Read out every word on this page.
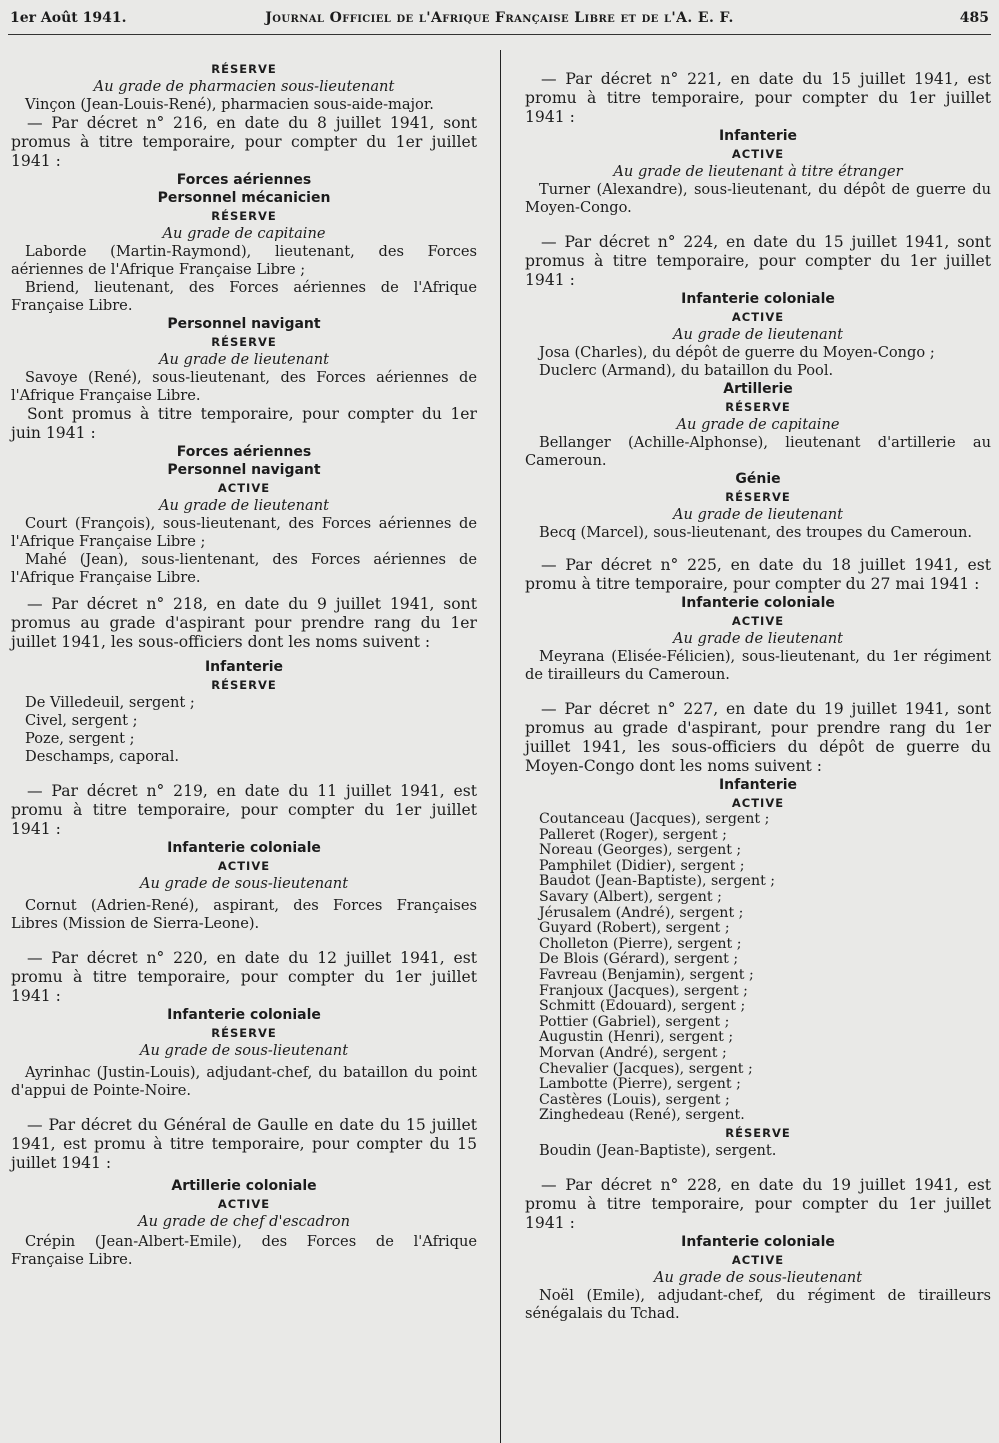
1er Août 1941.	Journal Officiel de l'Afrique Française Libre et de l'A. E. F.	485
RÉSERVE
Au grade de pharmacien sous-lieutenant
Vinçon (Jean-Louis-René), pharmacien sous-aide-major.
— Par décret n° 216, en date du 8 juillet 1941, sont promus à titre temporaire, pour compter du 1er juillet 1941 :
Forces aériennes
Personnel mécanicien
RÉSERVE
Au grade de capitaine
Laborde (Martin-Raymond), lieutenant, des Forces aériennes de l'Afrique Française Libre ;
Briend, lieutenant, des Forces aériennes de l'Afrique Française Libre.
Personnel navigant
RÉSERVE
Au grade de lieutenant
Savoye (René), sous-lieutenant, des Forces aériennes de l'Afrique Française Libre.
Sont promus à titre temporaire, pour compter du 1er juin 1941 :
Forces aériennes
Personnel navigant
ACTIVE
Au grade de lieutenant
Court (François), sous-lieutenant, des Forces aériennes de l'Afrique Française Libre ;
Mahé (Jean), sous-lientenant, des Forces aériennes de l'Afrique Française Libre.
— Par décret n° 218, en date du 9 juillet 1941, sont promus au grade d'aspirant pour prendre rang du 1er juillet 1941, les sous-officiers dont les noms suivent :
Infanterie
RÉSERVE
De Villedeuil, sergent ;
Civel, sergent ;
Poze, sergent ;
Deschamps, caporal.
— Par décret n° 219, en date du 11 juillet 1941, est promu à titre temporaire, pour compter du 1er juillet 1941 :
Infanterie coloniale
ACTIVE
Au grade de sous-lieutenant
Cornut (Adrien-René), aspirant, des Forces Françaises Libres (Mission de Sierra-Leone).
— Par décret n° 220, en date du 12 juillet 1941, est promu à titre temporaire, pour compter du 1er juillet 1941 :
Infanterie coloniale
RÉSERVE
Au grade de sous-lieutenant
Ayrinhac (Justin-Louis), adjudant-chef, du bataillon du point d'appui de Pointe-Noire.
— Par décret du Général de Gaulle en date du 15 juillet 1941, est promu à titre temporaire, pour compter du 15 juillet 1941 :
Artillerie coloniale
ACTIVE
Au grade de chef d'escadron
Crépin (Jean-Albert-Emile), des Forces de l'Afrique Française Libre.
— Par décret n° 221, en date du 15 juillet 1941, est promu à titre temporaire, pour compter du 1er juillet 1941 :
Infanterie
ACTIVE
Au grade de lieutenant à titre étranger
Turner (Alexandre), sous-lieutenant, du dépôt de guerre du Moyen-Congo.
— Par décret n° 224, en date du 15 juillet 1941, sont promus à titre temporaire, pour compter du 1er juillet 1941 :
Infanterie coloniale
ACTIVE
Au grade de lieutenant
Josa (Charles), du dépôt de guerre du Moyen-Congo ;
Duclerc (Armand), du bataillon du Pool.
Artillerie
RÉSERVE
Au grade de capitaine
Bellanger (Achille-Alphonse), lieutenant d'artillerie au Cameroun.
Génie
RÉSERVE
Au grade de lieutenant
Becq (Marcel), sous-lieutenant, des troupes du Cameroun.
— Par décret n° 225, en date du 18 juillet 1941, est promu à titre temporaire, pour compter du 27 mai 1941 :
Infanterie coloniale
ACTIVE
Au grade de lieutenant
Meyrana (Elisée-Félicien), sous-lieutenant, du 1er régiment de tirailleurs du Cameroun.
— Par décret n° 227, en date du 19 juillet 1941, sont promus au grade d'aspirant, pour prendre rang du 1er juillet 1941, les sous-officiers du dépôt de guerre du Moyen-Congo dont les noms suivent :
Infanterie
ACTIVE
Coutanceau (Jacques), sergent ;
Palleret (Roger), sergent ;
Noreau (Georges), sergent ;
Pamphilet (Didier), sergent ;
Baudot (Jean-Baptiste), sergent ;
Savary (Albert), sergent ;
Jérusalem (André), sergent ;
Guyard (Robert), sergent ;
Cholleton (Pierre), sergent ;
De Blois (Gérard), sergent ;
Favreau (Benjamin), sergent ;
Franjoux (Jacques), sergent ;
Schmitt (Edouard), sergent ;
Pottier (Gabriel), sergent ;
Augustin (Henri), sergent ;
Morvan (André), sergent ;
Chevalier (Jacques), sergent ;
Lambotte (Pierre), sergent ;
Castères (Louis), sergent ;
Zinghedeau (René), sergent.
RÉSERVE
Boudin (Jean-Baptiste), sergent.
— Par décret n° 228, en date du 19 juillet 1941, est promu à titre temporaire, pour compter du 1er juillet 1941 :
Infanterie coloniale
ACTIVE
Au grade de sous-lieutenant
Noël (Emile), adjudant-chef, du régiment de tirailleurs sénégalais du Tchad.
